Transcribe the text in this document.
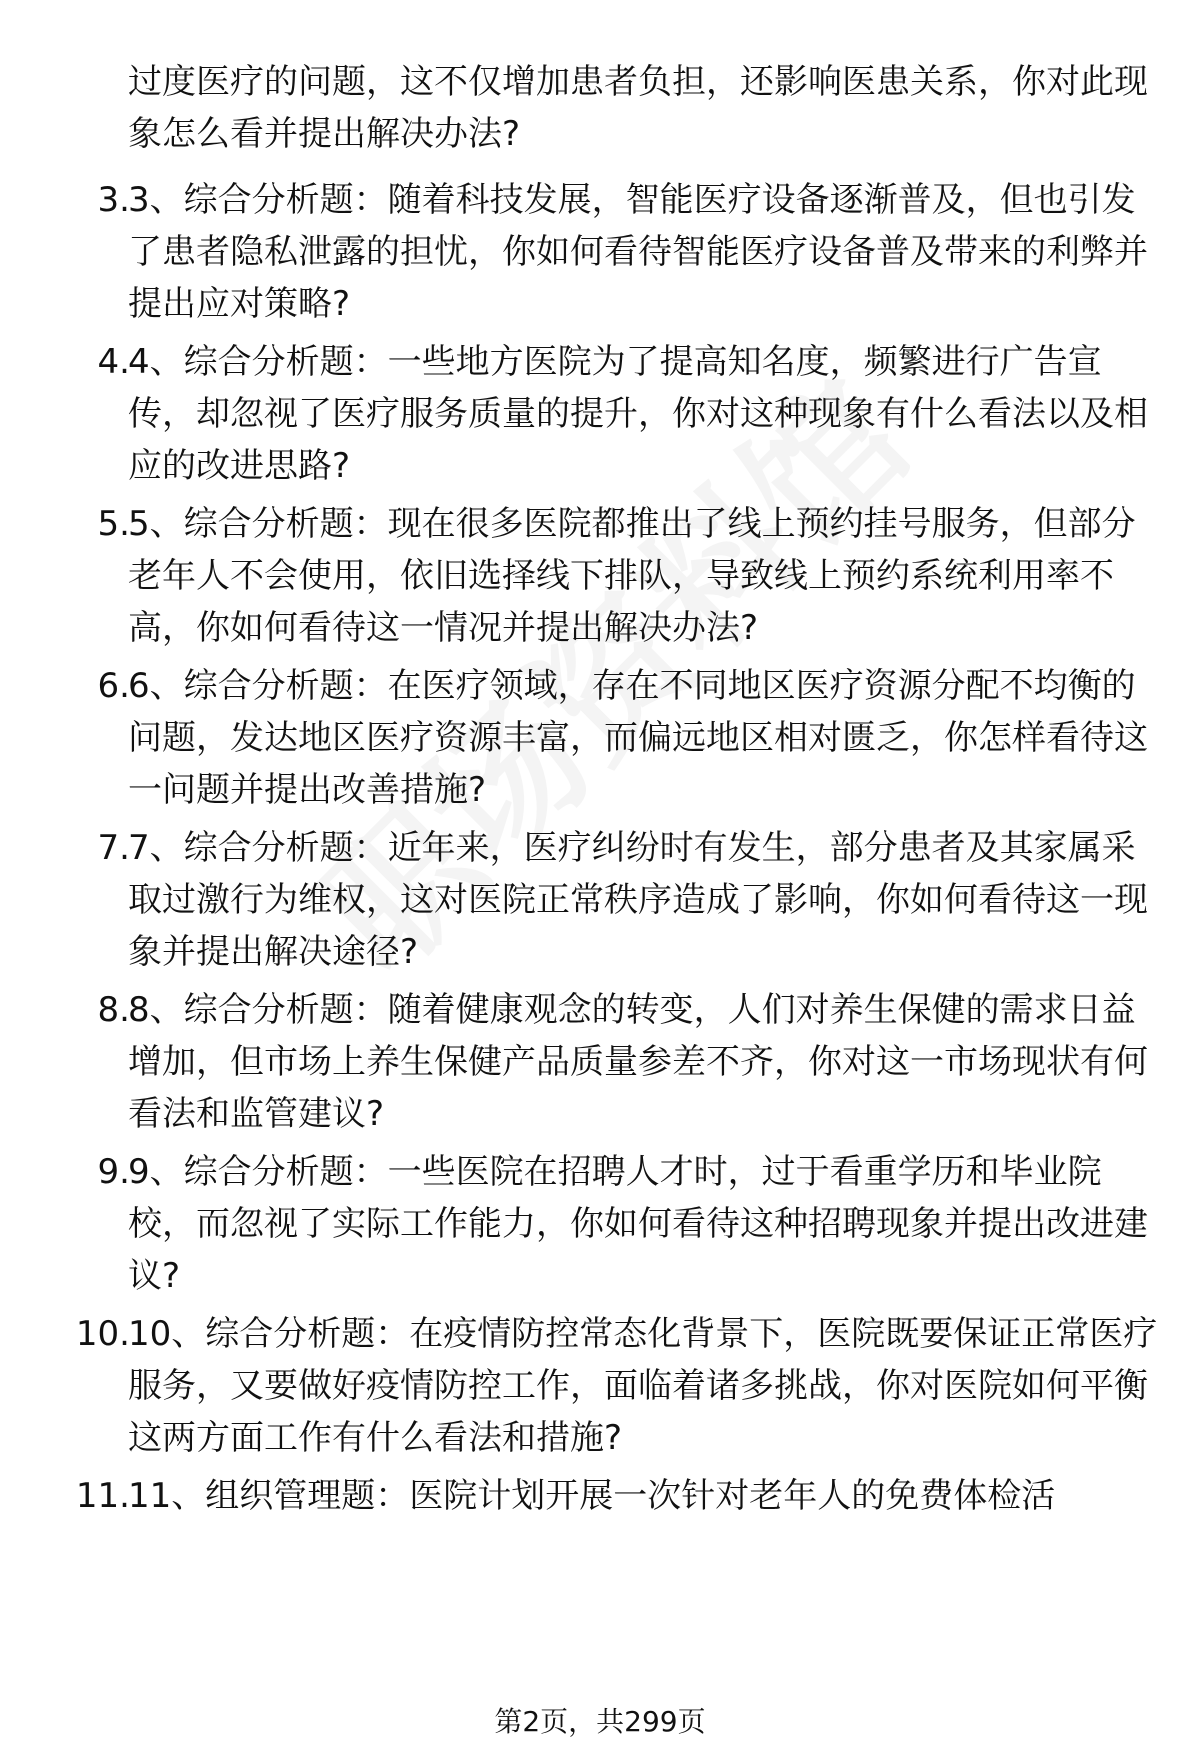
过度医疗的问题，这不仅增加患者负担，还影响医患关系，你对此现象怎么看并提出解决办法?
3.
3、综合分析题：随着科技发展，智能医疗设备逐渐普及，但也引发了患者隐私泄露的担忧，你如何看待智能医疗设备普及带来的利弊并提出应对策略?
4.
4、综合分析题：一些地方医院为了提高知名度，频繁进行广告宣传，却忽视了医疗服务质量的提升，你对这种现象有什么看法以及相应的改进思路?
5.
5、综合分析题：现在很多医院都推出了线上预约挂号服务，但部分老年人不会使用，依旧选择线下排队，导致线上预约系统利用率不高，你如何看待这一情况并提出解决办法?
6.
6、综合分析题：在医疗领域，存在不同地区医疗资源分配不均衡的问题，发达地区医疗资源丰富，而偏远地区相对匮乏，你怎样看待这一问题并提出改善措施?
7.
7、综合分析题：近年来，医疗纠纷时有发生，部分患者及其家属采取过激行为维权，这对医院正常秩序造成了影响，你如何看待这一现象并提出解决途径?
8.
8、综合分析题：随着健康观念的转变，人们对养生保健的需求日益增加，但市场上养生保健产品质量参差不齐，你对这一市场现状有何看法和监管建议?
9.
9、综合分析题：一些医院在招聘人才时，过于看重学历和毕业院校，而忽视了实际工作能力，你如何看待这种招聘现象并提出改进建议?
10.
10、综合分析题：在疫情防控常态化背景下，医院既要保证正常医疗服务，又要做好疫情防控工作，面临着诸多挑战，你对医院如何平衡这两方面工作有什么看法和措施?
11.
11、组织管理题：医院计划开展一次针对老年人的免费体检活
第2页，共299页
